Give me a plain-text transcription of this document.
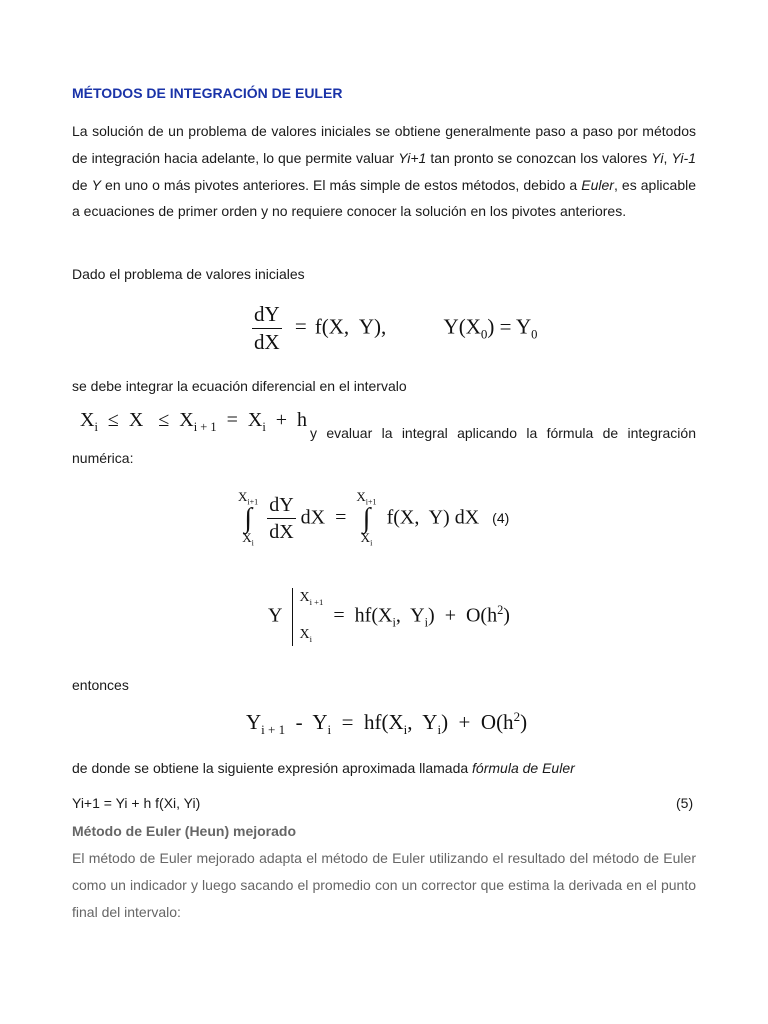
MÉTODOS DE INTEGRACIÓN DE EULER
La solución de un problema de valores iniciales se obtiene generalmente paso a paso por métodos de integración hacia adelante, lo que permite valuar Yi+1 tan pronto se conozcan los valores Yi, Yi-1 de Y en uno o más pivotes anteriores. El más simple de estos métodos, debido a Euler, es aplicable a ecuaciones de primer orden y no requiere conocer la solución en los pivotes anteriores.
Dado el problema de valores iniciales
$\frac{dY}{dX} = f(X$,  Y), $Y(X_0) = Y_0$
se debe integrar la ecuación diferencial en el intervalo
$X_i \le X \le X_{i + 1} = X_i + h$
y evaluar la integral aplicando la fórmula de integración
numérica:
$X_{i+1}$
∫
$X_i$

$\frac{dY}{dX}$ dX  =
$X_{i+1}$
∫
$X_i$
f(X,  Y) dX (4)
Y
$X_{i +1}$
$X_i$
=  $hf(X_i$,  $Y_i) + O(h^2)$
entonces
$Y_{i + 1} - Y_i = hf(X_i$,  $Y_i) + O(h^2)$
de donde se obtiene la siguiente expresión aproximada llamada fórmula de Euler
Yi+1 = Yi + h f(Xi, Yi)	(5)
Método de Euler (Heun) mejorado
El método de Euler mejorado adapta el método de Euler utilizando el resultado del método de Euler como un indicador y luego sacando el promedio con un corrector que estima la derivada en el punto final del intervalo:
